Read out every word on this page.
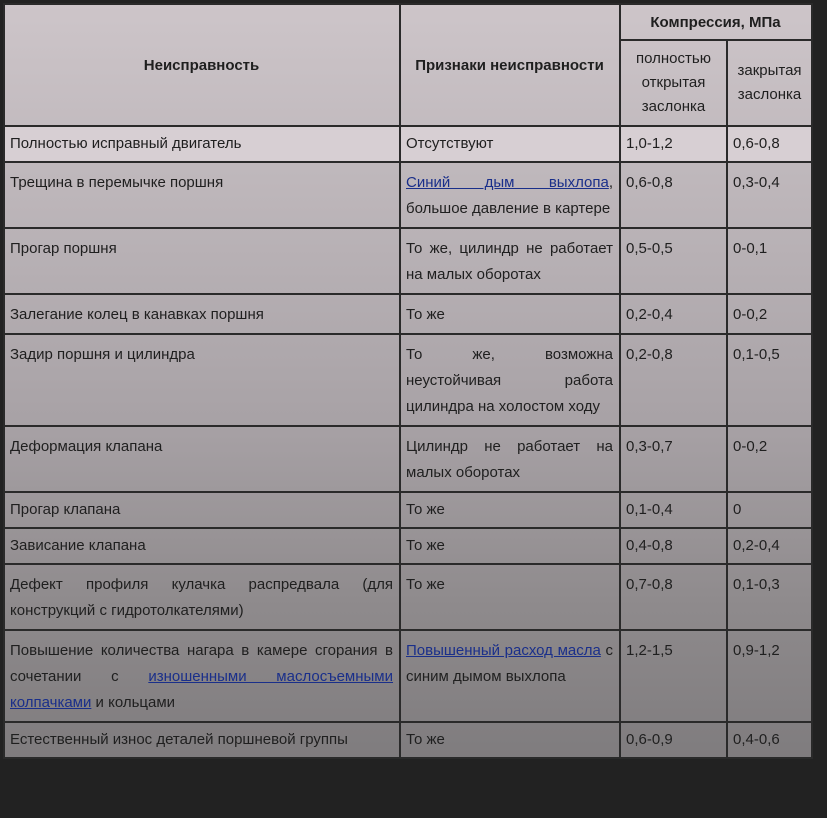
Неисправность	Признаки неисправности	Компрессия, МПа	
		полностью открытая заслонка	закрытая заслонка
Полностью исправный двигатель	Отсутствуют	1,0-1,2	0,6-0,8
Трещина в перемычке поршня	Синий дым выхлопа, большое давление в картере	0,6-0,8	0,3-0,4
Прогар поршня	То же, цилиндр не работает на малых оборотах	0,5-0,5	0-0,1
Залегание колец в канавках поршня	То же	0,2-0,4	0-0,2
Задир поршня и цилиндра	То же, возможна неустойчивая работа цилиндра на холостом ходу	0,2-0,8	0,1-0,5
Деформация клапана	Цилиндр не работает на малых оборотах	0,3-0,7	0-0,2
Прогар клапана	То же	0,1-0,4	0
Зависание клапана	То же	0,4-0,8	0,2-0,4
Дефект профиля кулачка распредвала (для конструкций с гидротолкателями)	То же	0,7-0,8	0,1-0,3
Повышение количества нагара в камере сгорания в сочетании с изношенными маслосъемными колпачками и кольцами	Повышенный расход масла с синим дымом выхлопа	1,2-1,5	0,9-1,2
Естественный износ деталей поршневой группы	То же	0,6-0,9	0,4-0,6
